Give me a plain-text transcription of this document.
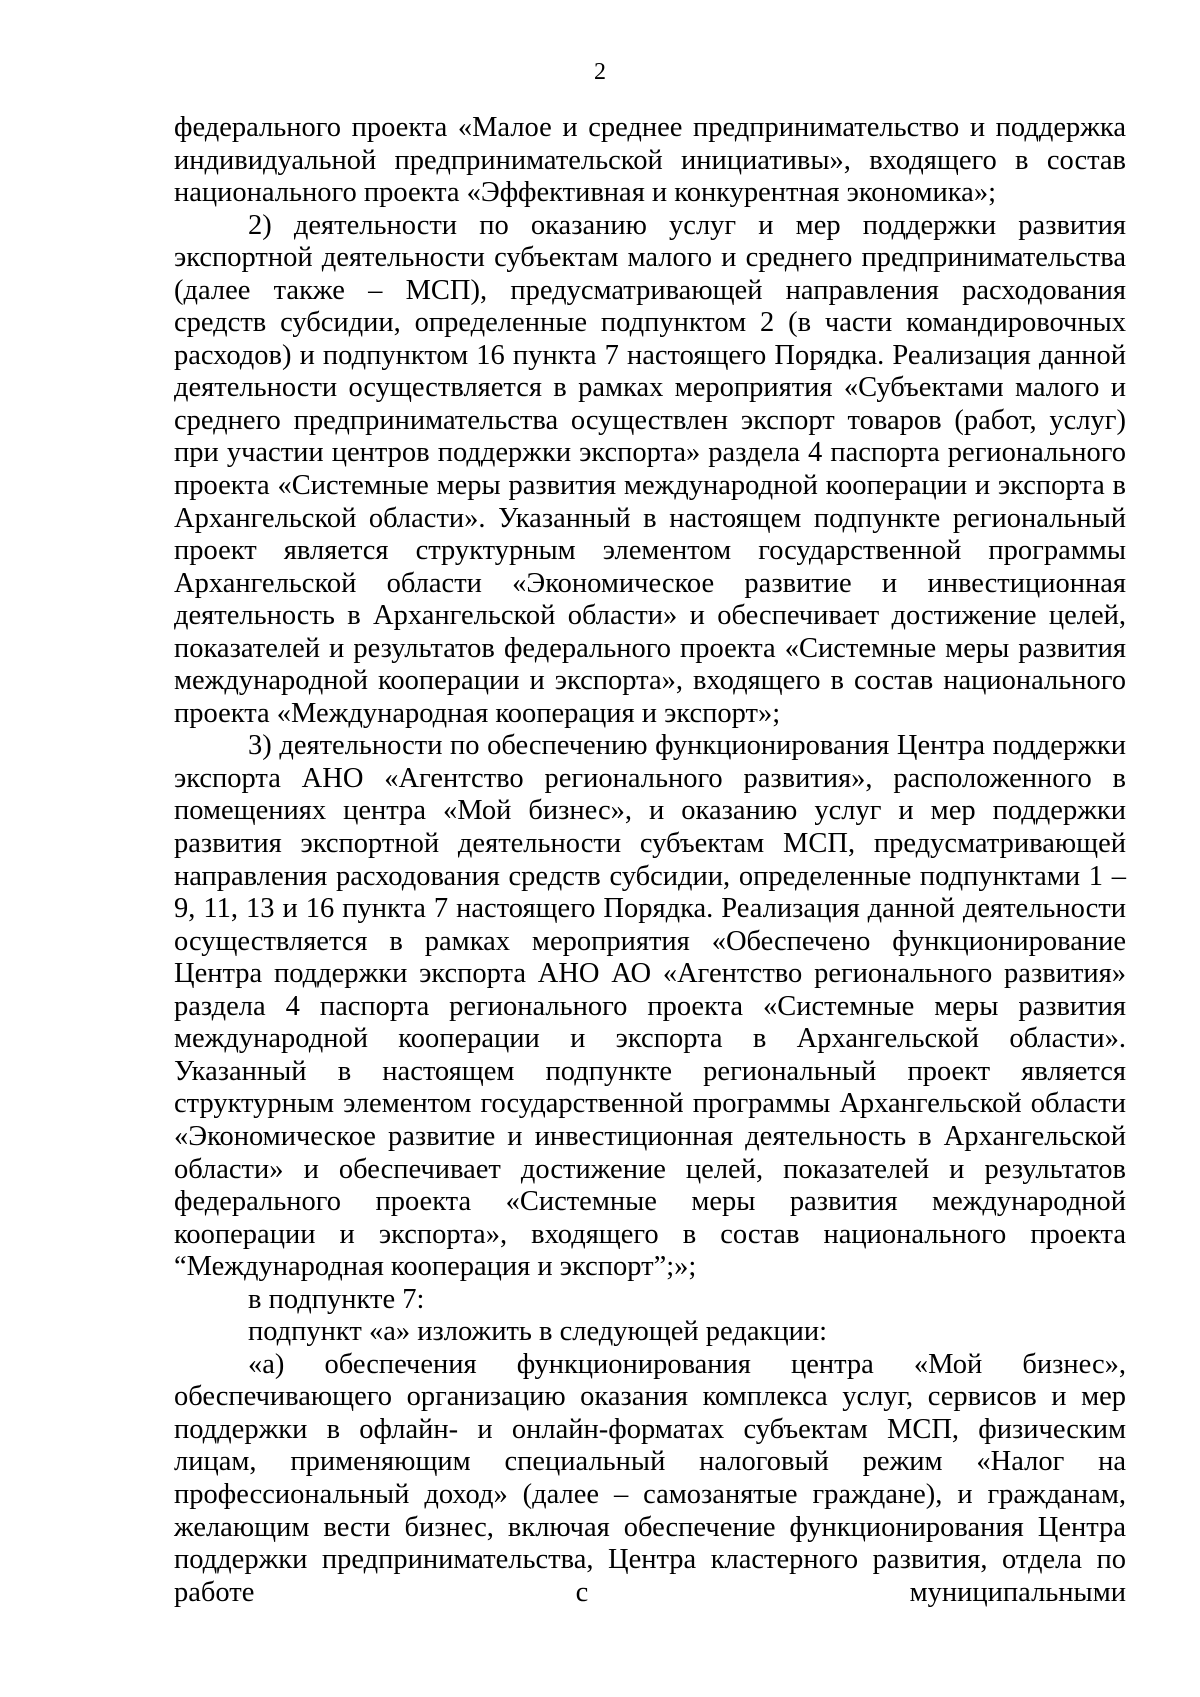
2

федерального проекта «Малое и среднее предпринимательство и поддержка индивидуальной предпринимательской инициативы», входящего в состав национального проекта «Эффективная и конкурентная экономика»;

2) деятельности по оказанию услуг и мер поддержки развития экспортной деятельности субъектам малого и среднего предпринимательства (далее также – МСП), предусматривающей направления расходования средств субсидии, определенные подпунктом 2 (в части командировочных расходов) и подпунктом 16 пункта 7 настоящего Порядка. Реализация данной деятельности осуществляется в рамках мероприятия «Субъектами малого и среднего предпринимательства осуществлен экспорт товаров (работ, услуг) при участии центров поддержки экспорта» раздела 4 паспорта регионального проекта «Системные меры развития международной кооперации и экспорта в Архангельской области». Указанный в настоящем подпункте региональный проект является структурным элементом государственной программы Архангельской области «Экономическое развитие и инвестиционная деятельность в Архангельской области» и обеспечивает достижение целей, показателей и результатов федерального проекта «Системные меры развития международной кооперации и экспорта», входящего в состав национального проекта «Международная кооперация и экспорт»;

3) деятельности по обеспечению функционирования Центра поддержки экспорта АНО «Агентство регионального развития», расположенного в помещениях центра «Мой бизнес», и оказанию услуг и мер поддержки развития экспортной деятельности субъектам МСП, предусматривающей направления расходования средств субсидии, определенные подпунктами 1 – 9, 11, 13 и 16 пункта 7 настоящего Порядка. Реализация данной деятельности осуществляется в рамках мероприятия «Обеспечено функционирование Центра поддержки экспорта АНО АО «Агентство регионального развития» раздела 4 паспорта регионального проекта «Системные меры развития международной кооперации и экспорта в Архангельской области». Указанный в настоящем подпункте региональный проект является структурным элементом государственной программы Архангельской области «Экономическое развитие и инвестиционная деятельность в Архангельской области» и обеспечивает достижение целей, показателей и результатов федерального проекта «Системные меры развития международной кооперации и экспорта», входящего в состав национального проекта “Международная кооперация и экспорт”;»;

в подпункте 7:

подпункт «а» изложить в следующей редакции:

«а) обеспечения функционирования центра «Мой бизнес», обеспечивающего организацию оказания комплекса услуг, сервисов и мер поддержки в офлайн- и онлайн-форматах субъектам МСП, физическим лицам, применяющим специальный налоговый режим «Налог на профессиональный доход» (далее – самозанятые граждане), и гражданам, желающим вести бизнес, включая обеспечение функционирования Центра поддержки предпринимательства, Центра кластерного развития, отдела по работе с муниципальными
